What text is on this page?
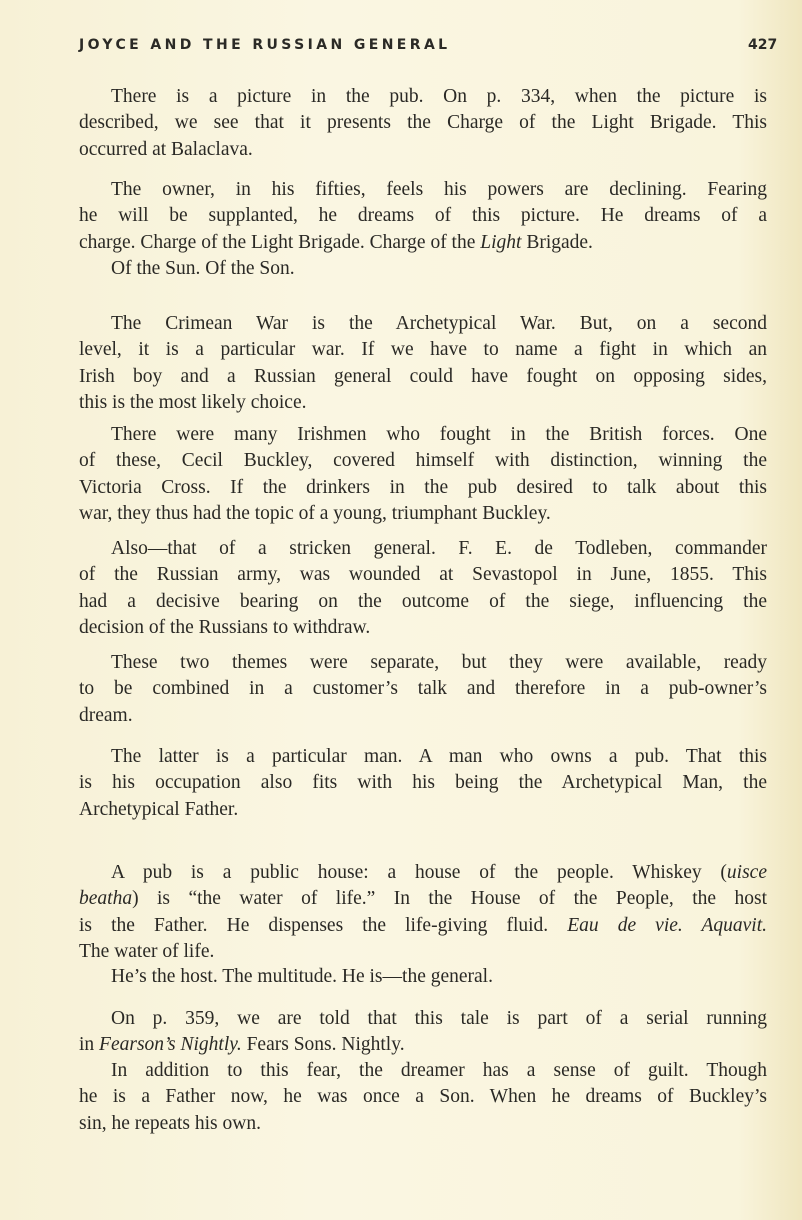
JOYCE AND THE RUSSIAN GENERAL	427
There is a picture in the pub. On p. 334, when the picture is
described, we see that it presents the Charge of the Light Brigade. This
occurred at Balaclava.
The owner, in his fifties, feels his powers are declining. Fearing
he will be supplanted, he dreams of this picture. He dreams of a
charge. Charge of the Light Brigade. Charge of the Light Brigade.
Of the Sun. Of the Son.
The Crimean War is the Archetypical War. But, on a second
level, it is a particular war. If we have to name a fight in which an
Irish boy and a Russian general could have fought on opposing sides,
this is the most likely choice.
There were many Irishmen who fought in the British forces. One
of these, Cecil Buckley, covered himself with distinction, winning the
Victoria Cross. If the drinkers in the pub desired to talk about this
war, they thus had the topic of a young, triumphant Buckley.
Also—that of a stricken general. F. E. de Todleben, commander
of the Russian army, was wounded at Sevastopol in June, 1855. This
had a decisive bearing on the outcome of the siege, influencing the
decision of the Russians to withdraw.
These two themes were separate, but they were available, ready
to be combined in a customer’s talk and therefore in a pub-owner’s
dream.
The latter is a particular man. A man who owns a pub. That this
is his occupation also fits with his being the Archetypical Man, the
Archetypical Father.
A pub is a public house: a house of the people. Whiskey (uisce
beatha) is “the water of life.” In the House of the People, the host
is the Father. He dispenses the life-giving fluid. Eau de vie. Aquavit.
The water of life.
He’s the host. The multitude. He is—the general.
On p. 359, we are told that this tale is part of a serial running
in Fearson’s Nightly. Fears Sons. Nightly.
In addition to this fear, the dreamer has a sense of guilt. Though
he is a Father now, he was once a Son. When he dreams of Buckley’s
sin, he repeats his own.
